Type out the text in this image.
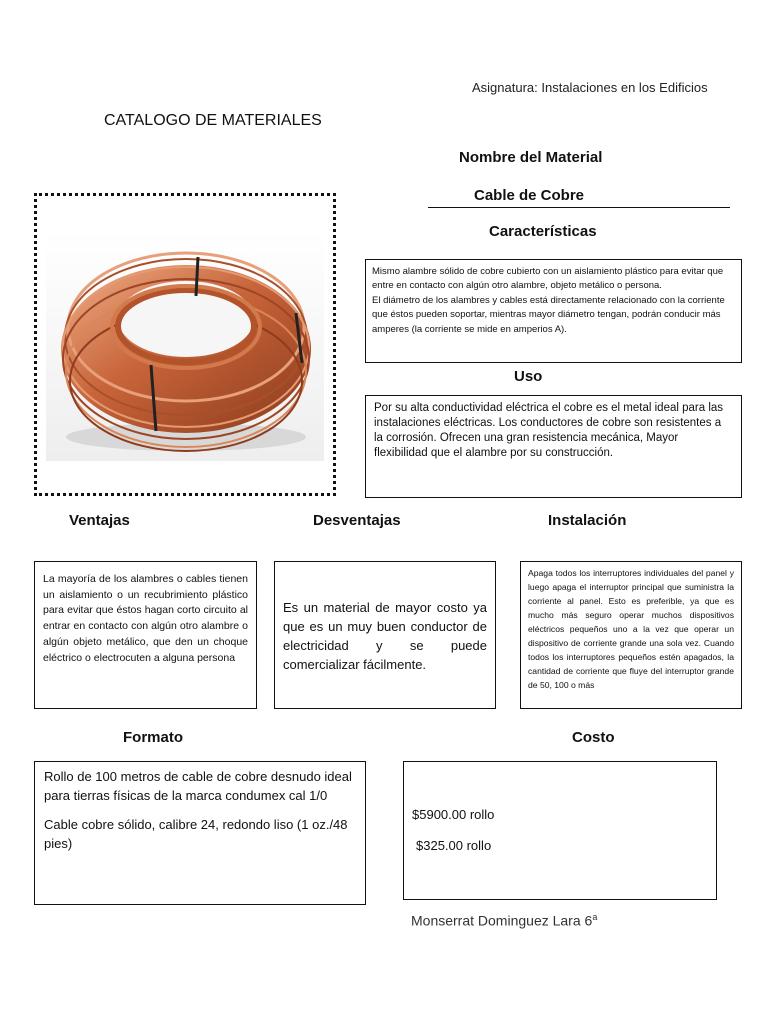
Asignatura: Instalaciones en los Edificios
CATALOGO DE MATERIALES
Nombre del Material
Cable de Cobre
Características
Mismo alambre sólido de cobre cubierto con un aislamiento plástico para evitar que entre en contacto con algún otro alambre, objeto metálico o persona.
El diámetro de los alambres y cables está directamente relacionado con la corriente que éstos pueden soportar, mientras mayor diámetro tengan, podrán conducir más amperes (la corriente se mide en amperios A).
Uso
Por su alta conductividad eléctrica el cobre es el metal ideal para las instalaciones eléctricas. Los conductores de cobre son resistentes a la corrosión. Ofrecen una gran resistencia mecánica, Mayor flexibilidad que el alambre por su construcción.
Ventajas	Desventajas	Instalación
La mayoría de los alambres o cables tienen un aislamiento o un recubrimiento plástico para evitar que éstos hagan corto circuito al entrar en contacto con algún otro alambre o algún objeto metálico, que den un choque eléctrico o electrocuten a alguna persona
Es un material de mayor costo ya que es un muy buen conductor de electricidad y se puede comercializar fácilmente.
Apaga todos los interruptores individuales del panel y luego apaga el interruptor principal que suministra la corriente al panel. Esto es preferible, ya que es mucho más seguro operar muchos dispositivos eléctricos pequeños uno a la vez que operar un dispositivo de corriente grande una sola vez. Cuando todos los interruptores pequeños estén apagados, la cantidad de corriente que fluye del interruptor grande de 50, 100 o más
Formato	Costo

Rollo de 100 metros de cable de cobre desnudo ideal para tierras físicas de la marca condumex cal 1/0

Cable cobre sólido, calibre 24, redondo liso (1 oz./48 pies)

$5900.00 rollo
$325.00 rollo
Monserrat Dominguez Lara 6$^a$
